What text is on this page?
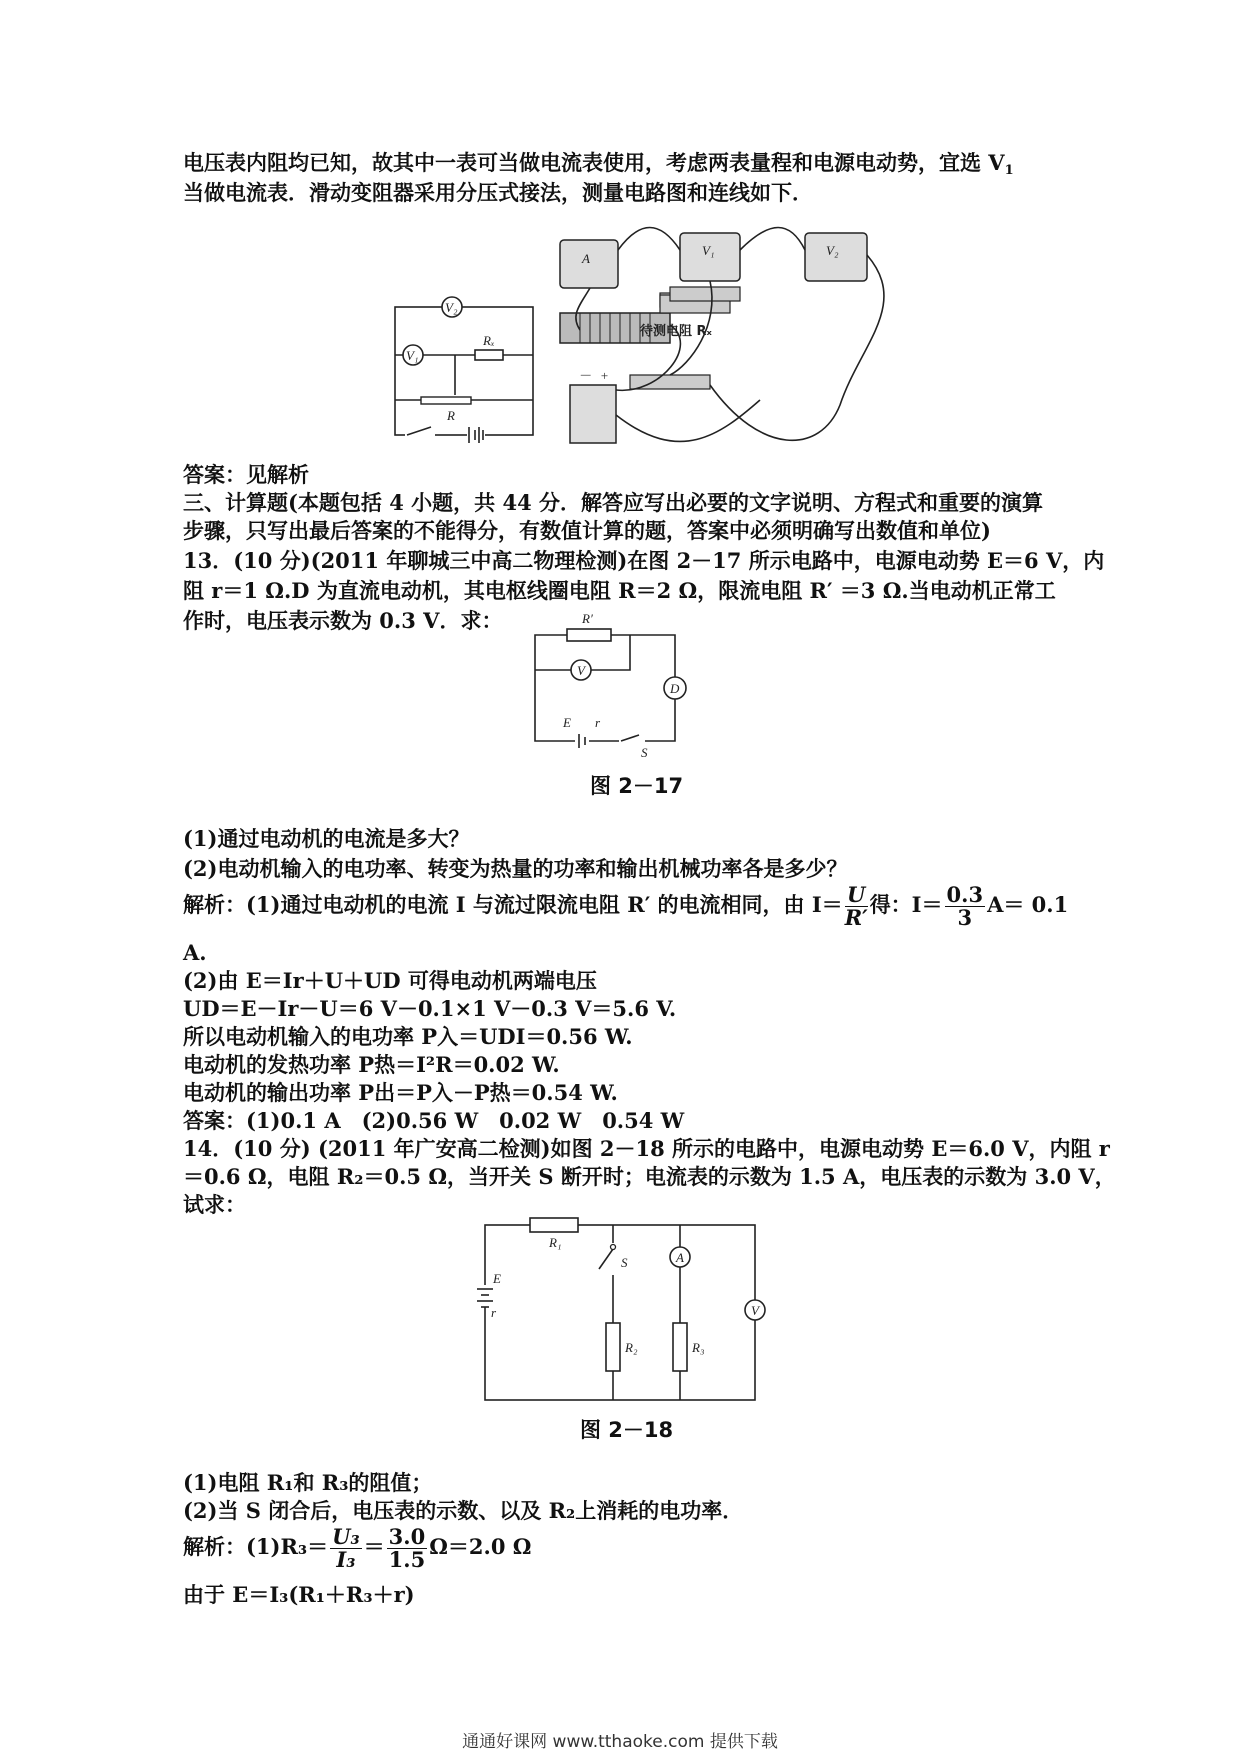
电压表内阻均已知，故其中一表可当做电流表使用，考虑两表量程和电源电动势，宜选 $V_1$
当做电流表．滑动变阻器采用分压式接法，测量电路图和连线如下．
V₂
V₁
Rₓ
R
A
V₁	V₂
－ +
待测电阻 Rₓ
答案：见解析
三、计算题(本题包括 4 小题，共 44 分．解答应写出必要的文字说明、方程式和重要的演算
步骤，只写出最后答案的不能得分，有数值计算的题，答案中必须明确写出数值和单位)
13．(10 分)(2011 年聊城三中高二物理检测)在图 2－17 所示电路中，电源电动势 E＝6 V，内
阻 r＝1 Ω.D 为直流电动机，其电枢线圈电阻 R＝2 Ω，限流电阻 R′ ＝3 Ω.当电动机正常工
作时，电压表示数为 0.3 V．求：	R′
V
D
E r
S
图 2－17
(1)通过电动机的电流是多大？
(2)电动机输入的电功率、转变为热量的功率和输出机械功率各是多少？
解析：(1)通过电动机的电流 I 与流过限流电阻 R′ 的电流相同，由 $I= \frac{U}{R'}$ 得：$I= \frac{0.3}{3} A= 0.1$
A.
(2)由 E＝Ir＋U＋UD 可得电动机两端电压
UD＝E－Ir－U＝6 V－0.1×1 V－0.3 V＝5.6 V.
所以电动机输入的电功率 P入＝UDI＝0.56 W.
电动机的发热功率 P热＝I²R＝0.02 W.
电动机的输出功率 P出＝P入－P热＝0.54 W.
答案：(1)0.1 A　(2)0.56 W　0.02 W　0.54 W
14．(10 分) (2011 年广安高二检测)如图 2－18 所示的电路中，电源电动势 E＝6.0 V，内阻 r
＝0.6 Ω，电阻 R₂＝0.5 Ω，当开关 S 断开时；电流表的示数为 1.5 A，电压表的示数为 3.0 V，
试求：
R₁
S
R₂
A
R₃
V
E
r
图 2－18
(1)电阻 R₁和 R₃的阻值；
(2)当 S 闭合后，电压表的示数、以及 R₂上消耗的电功率．
解析：$(1)R_3= \frac{\text{U₃}}{\text{I₃}} = \frac{3.0}{1.5} \Omega=2.0$ Ω
由于 E＝I₃(R₁＋R₃＋r)
通通好课网 www.tthaoke.com 提供下载
